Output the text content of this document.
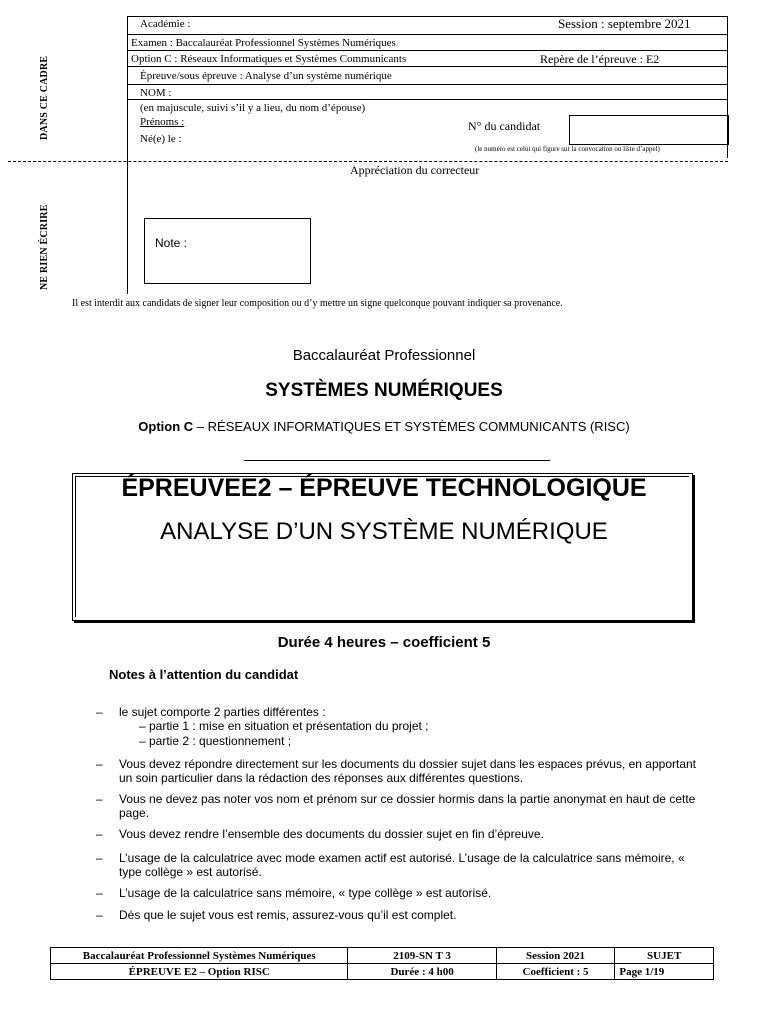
Académie :	Session : septembre 2021
Examen : Baccalauréat Professionnel Systèmes Numériques
Option C : Réseaux Informatiques et Systèmes Communicants	Repère de l’épreuve : E2
Épreuve/sous épreuve : Analyse d’un système numérique
NOM :
(en majuscule, suivi s’il y a lieu, du nom d’épouse)
Prénoms :	N° du candidat
Né(e) le :
(le numéro est celui qui figure sur la convocation ou liste d’appel)
DANS CE CADRE
NE RIEN ÉCRIRE
Appréciation du correcteur
Note :
Il est interdit aux candidats de signer leur composition ou d’y mettre un signe quelconque pouvant indiquer sa provenance.
Baccalauréat Professionnel
SYSTÈMES NUMÉRIQUES
Option C – RÉSEAUX INFORMATIQUES ET SYSTÈMES COMMUNICANTS (RISC)
ÉPREUVEE2 – ÉPREUVE TECHNOLOGIQUE
ANALYSE D’UN SYSTÈME NUMÉRIQUE
Durée 4 heures – coefficient 5
Notes à l’attention du candidat
– le sujet comporte 2 parties différentes :
– partie 1 : mise en situation et présentation du projet ;
– partie 2 : questionnement ;
– Vous devez répondre directement sur les documents du dossier sujet dans les espaces prévus, en apportant un soin particulier dans la rédaction des réponses aux différentes questions.
– Vous ne devez pas noter vos nom et prénom sur ce dossier hormis dans la partie anonymat en haut de cette page.
– Vous devez rendre l’ensemble des documents du dossier sujet en fin d’épreuve.
– L’usage de la calculatrice avec mode examen actif est autorisé. L’usage de la calculatrice sans mémoire, « type collège » est autorisé.
– L’usage de la calculatrice sans mémoire, « type collège » est autorisé.
– Dès que le sujet vous est remis, assurez-vous qu’il est complet.
Baccalauréat Professionnel Systèmes Numériques	2109-SN T 3	Session 2021	SUJET
ÉPREUVE E2 – Option RISC	Durée : 4 h00	Coefficient : 5	Page 1/19
